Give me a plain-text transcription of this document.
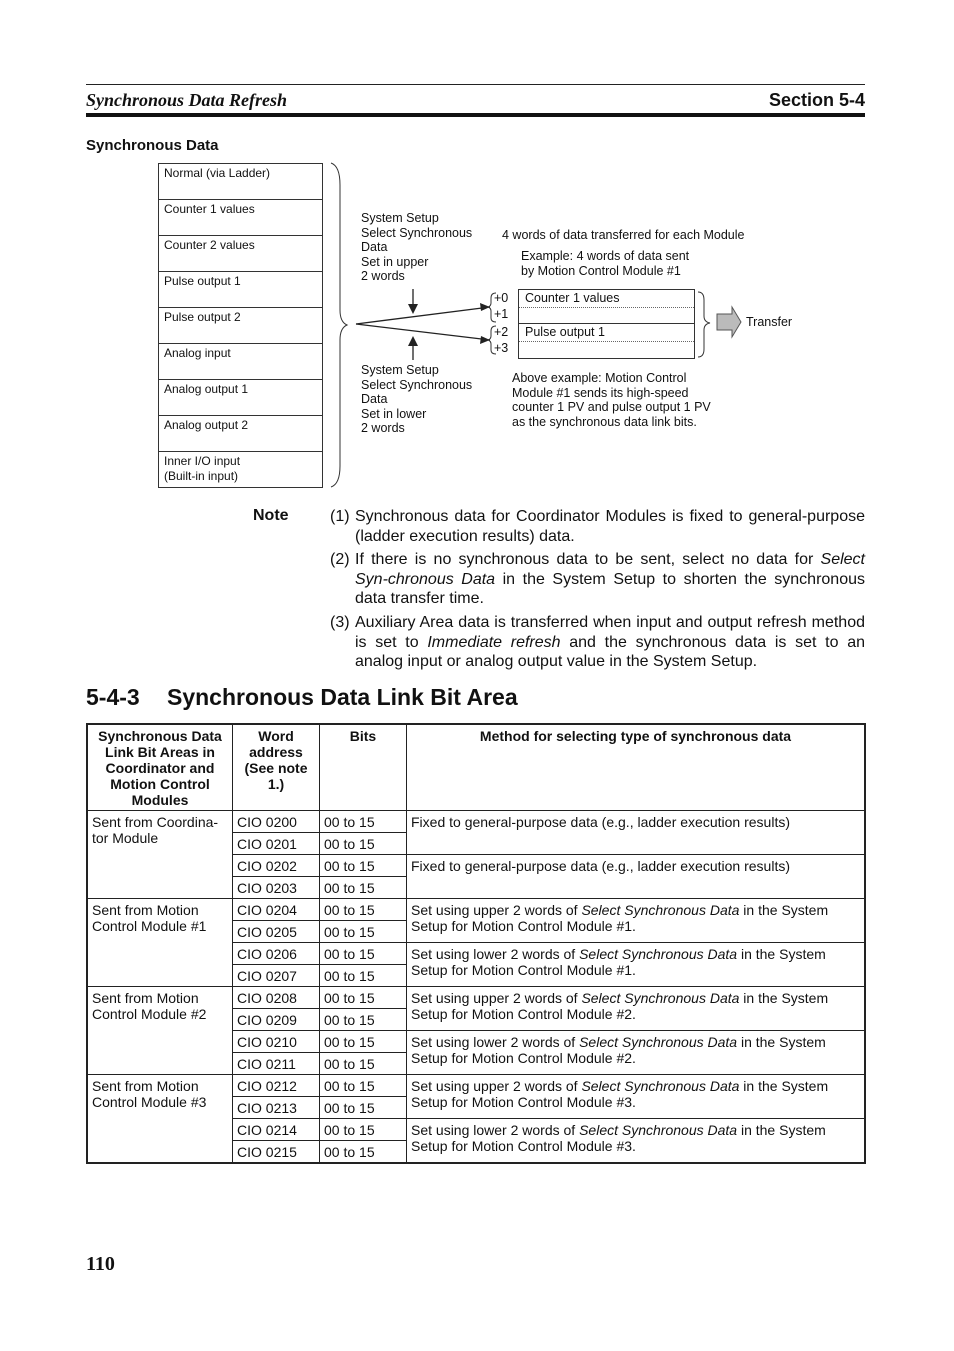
Synchronous Data Refresh	Section 5-4
Synchronous Data
Normal (via Ladder)
Counter 1 values
Counter 2 values
Pulse output 1
Pulse output 2
Analog input
Analog output 1
Analog output 2
Inner I/O input
(Built-in input)
System Setup
Select Synchronous
Data
Set in upper
2 words
System Setup
Select Synchronous
Data
Set in lower
2 words
4 words of data transferred for each Module
Example: 4 words of data sent
by Motion Control Module #1
+0
+1
+2
+3
Counter 1 values
Pulse output 1
Transfer
Above example: Motion Control
Module #1 sends its high-speed
counter 1 PV and pulse output 1 PV
as the synchronous data link bits.
Note	(1) Synchronous data for Coordinator Modules is fixed to general-purpose (ladder execution results) data.
(2) If there is no synchronous data to be sent, select no data for Select Syn-chronous Data in the System Setup to shorten the synchronous data transfer time.
(3) Auxiliary Area data is transferred when input and output refresh method is set to Immediate refresh and the synchronous data is set to an analog input or analog output value in the System Setup.
5-4-3 Synchronous Data Link Bit Area
Synchronous Data Link Bit Areas in Coordinator and Motion Control Modules	Word address (See note 1.)	Bits	Method for selecting type of synchronous data
Sent from Coordina-tor Module	CIO 0200	00 to 15	Fixed to general-purpose data (e.g., ladder execution results)
	CIO 0201	00 to 15	
	CIO 0202	00 to 15	Fixed to general-purpose data (e.g., ladder execution results)
	CIO 0203	00 to 15	
Sent from Motion Control Module #1	CIO 0204	00 to 15	Set using upper 2 words of Select Synchronous Data in the System Setup for Motion Control Module #1.
	CIO 0205	00 to 15	
	CIO 0206	00 to 15	Set using lower 2 words of Select Synchronous Data in the System Setup for Motion Control Module #1.
	CIO 0207	00 to 15	
Sent from Motion Control Module #2	CIO 0208	00 to 15	Set using upper 2 words of Select Synchronous Data in the System Setup for Motion Control Module #2.
	CIO 0209	00 to 15	
	CIO 0210	00 to 15	Set using lower 2 words of Select Synchronous Data in the System Setup for Motion Control Module #2.
	CIO 0211	00 to 15	
Sent from Motion Control Module #3	CIO 0212	00 to 15	Set using upper 2 words of Select Synchronous Data in the System Setup for Motion Control Module #3.
	CIO 0213	00 to 15	
	CIO 0214	00 to 15	Set using lower 2 words of Select Synchronous Data in the System Setup for Motion Control Module #3.
	CIO 0215	00 to 15	
110
